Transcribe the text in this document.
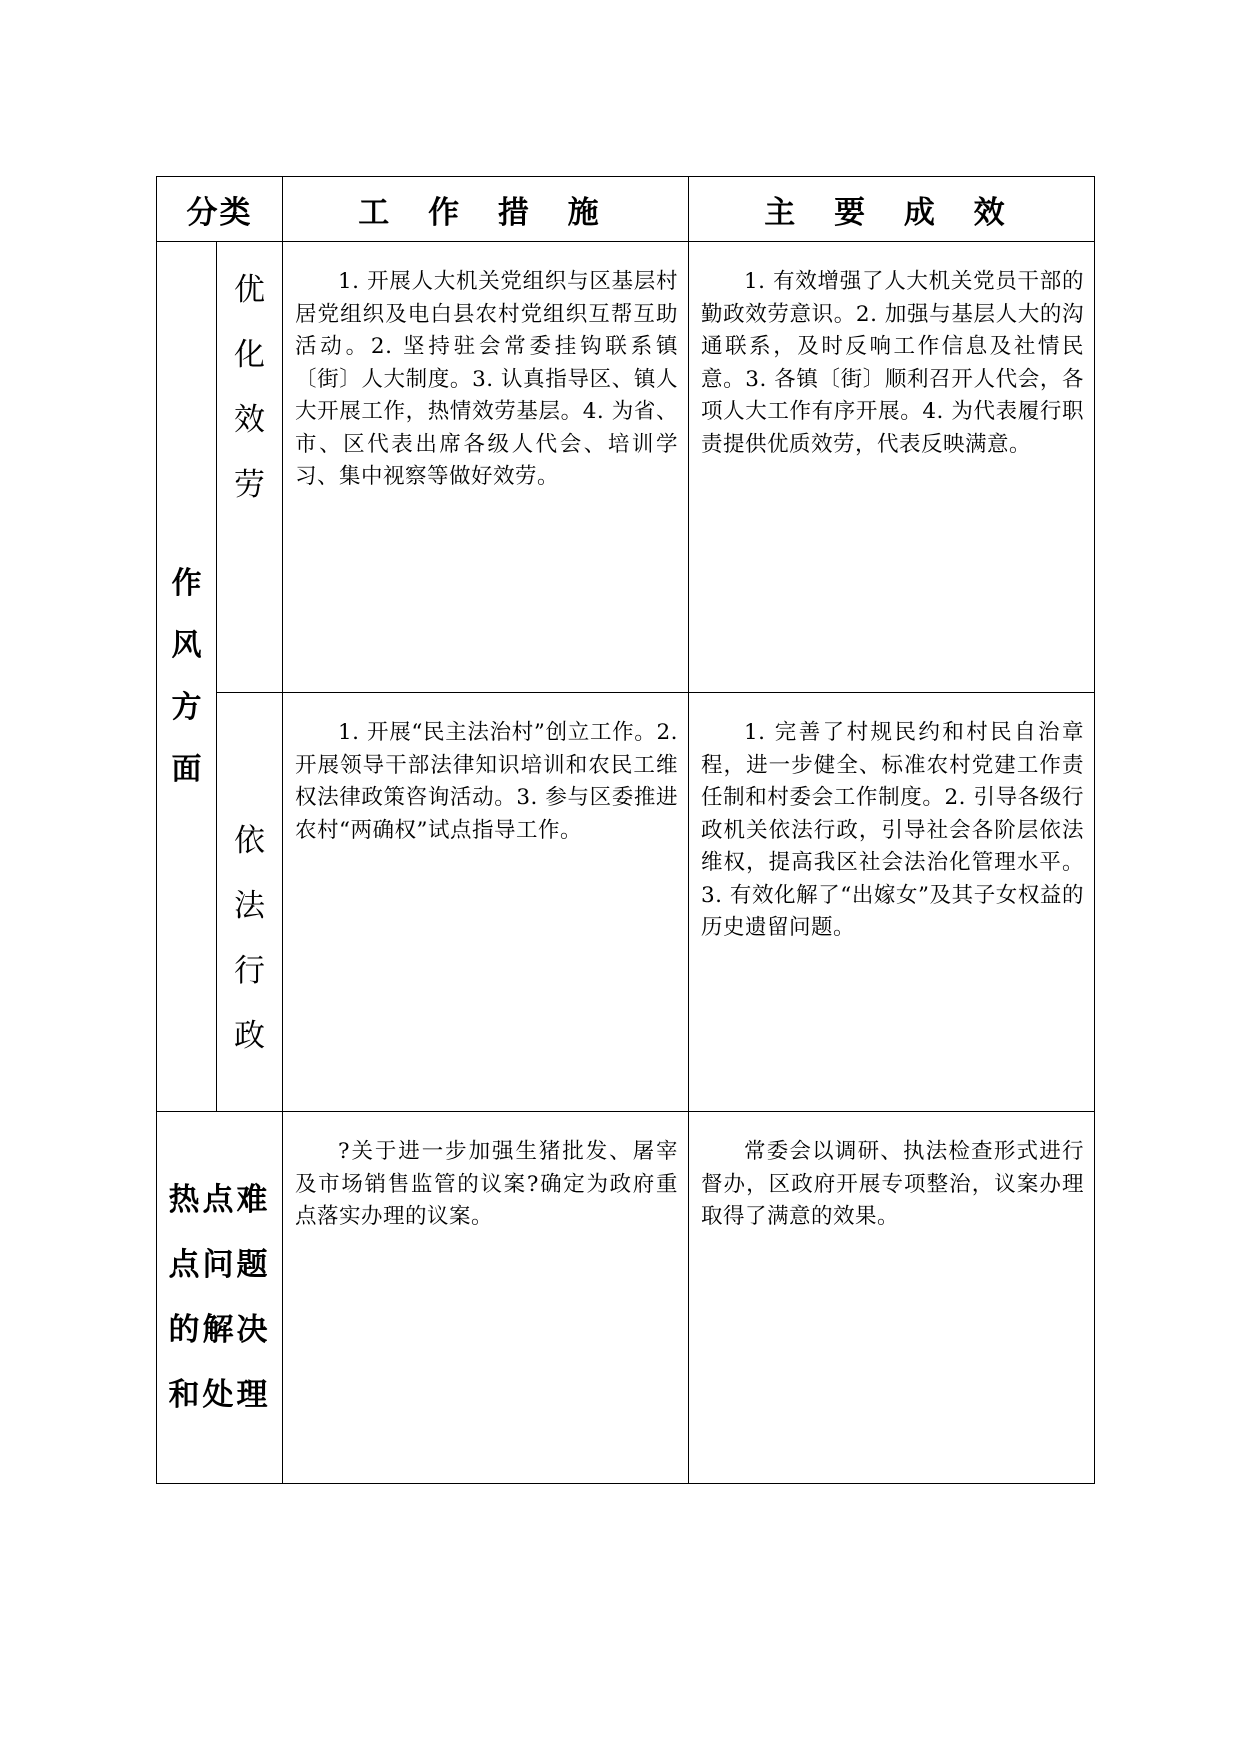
分类		工 作 措 施	主 要 成 效

作
风
方
面	优
化
效
劳	1. 开展人大机关党组织与区基层村居党组织及电白县农村党组织互帮互助活动。2. 坚持驻会常委挂钩联系镇〔街〕人大制度。3. 认真指导区、镇人大开展工作，热情效劳基层。4. 为省、市、区代表出席各级人代会、培训学习、集中视察等做好效劳。	1. 有效增强了人大机关党员干部的勤政效劳意识。2. 加强与基层人大的沟通联系，及时反响工作信息及社情民意。3. 各镇〔街〕顺利召开人代会，各项人大工作有序开展。4. 为代表履行职责提供优质效劳，代表反映满意。

	依
法
行
政	1. 开展“民主法治村”创立工作。2. 开展领导干部法律知识培训和农民工维权法律政策咨询活动。3. 参与区委推进农村“两确权”试点指导工作。	1. 完善了村规民约和村民自治章程，进一步健全、标准农村党建工作责任制和村委会工作制度。2. 引导各级行政机关依法行政，引导社会各阶层依法维权，提高我区社会法治化管理水平。3. 有效化解了“出嫁女”及其子女权益的历史遗留问题。

热点难
点问题
的解决
和处理		?关于进一步加强生猪批发、屠宰及市场销售监管的议案?确定为政府重点落实办理的议案。	常委会以调研、执法检查形式进行督办，区政府开展专项整治，议案办理取得了满意的效果。
